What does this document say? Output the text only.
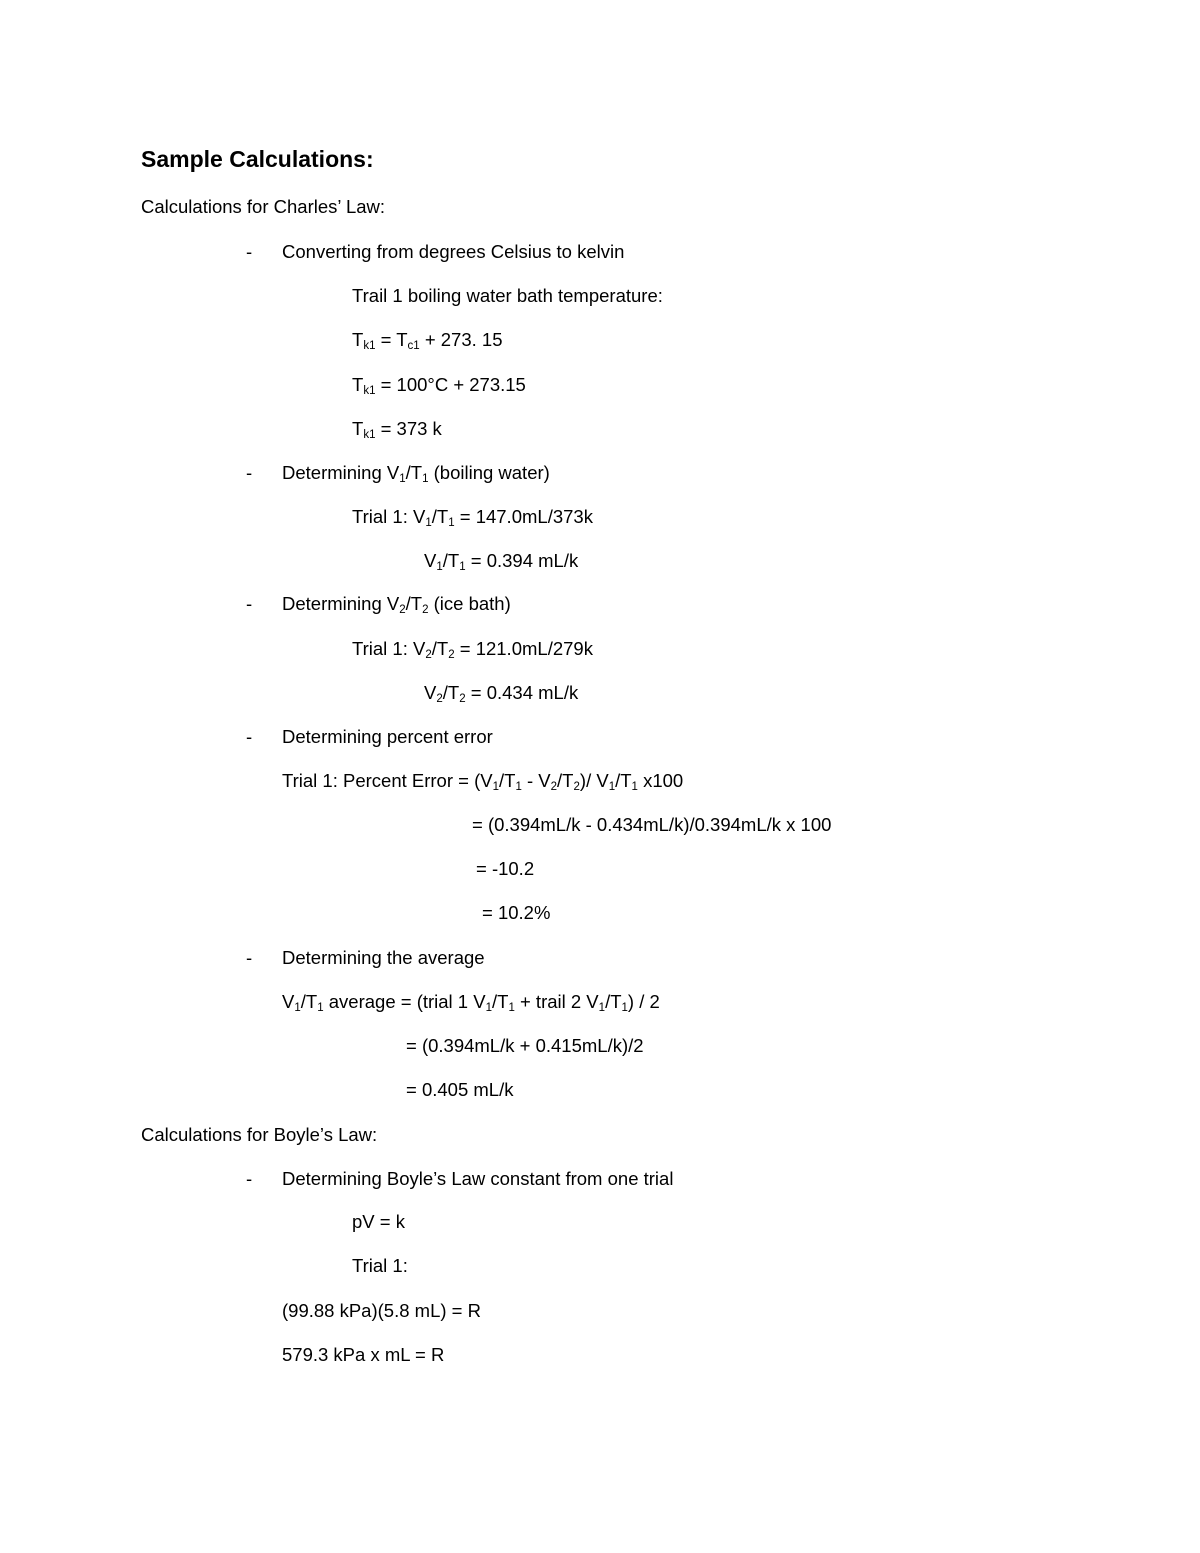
Sample Calculations:
Calculations for Charles’ Law:
- Converting from degrees Celsius to kelvin
Trail 1 boiling water bath temperature:
$T_{k1} = T_{c1} + 273$. 15
$T_{k1} = 100^\circ C + 273.15$
$T_{k1} = 373$ k
- Determining $V_1/T_1$ (boiling water)
Trial 1: $V_1/T_1 = 147.0mL/373k$
$V_1/T_1 = 0.394$ mL/k
- Determining $V_2/T_2$ (ice bath)
Trial 1: $V_2/T_2 = 121.0mL/279k$
$V_2/T_2 = 0.434$ mL/k
- Determining percent error
Trial 1: Percent Error = $(V_1/T_1 - V_2/T_2)/$ $V_1/T_1$ x100
= (0.394mL/k - 0.434mL/k)/0.394mL/k x 100
= -10.2
= 10.2%
- Determining the average
$V_1/T_1$ average = (trial 1 $V_1/T_1$ + trail 2 $V_1/T_1) / 2$
= (0.394mL/k + 0.415mL/k)/2
= 0.405 mL/k
Calculations for Boyle’s Law:
- Determining Boyle’s Law constant from one trial
pV = k
Trial 1:
(99.88 kPa)(5.8 mL) = R
579.3 kPa x mL = R
